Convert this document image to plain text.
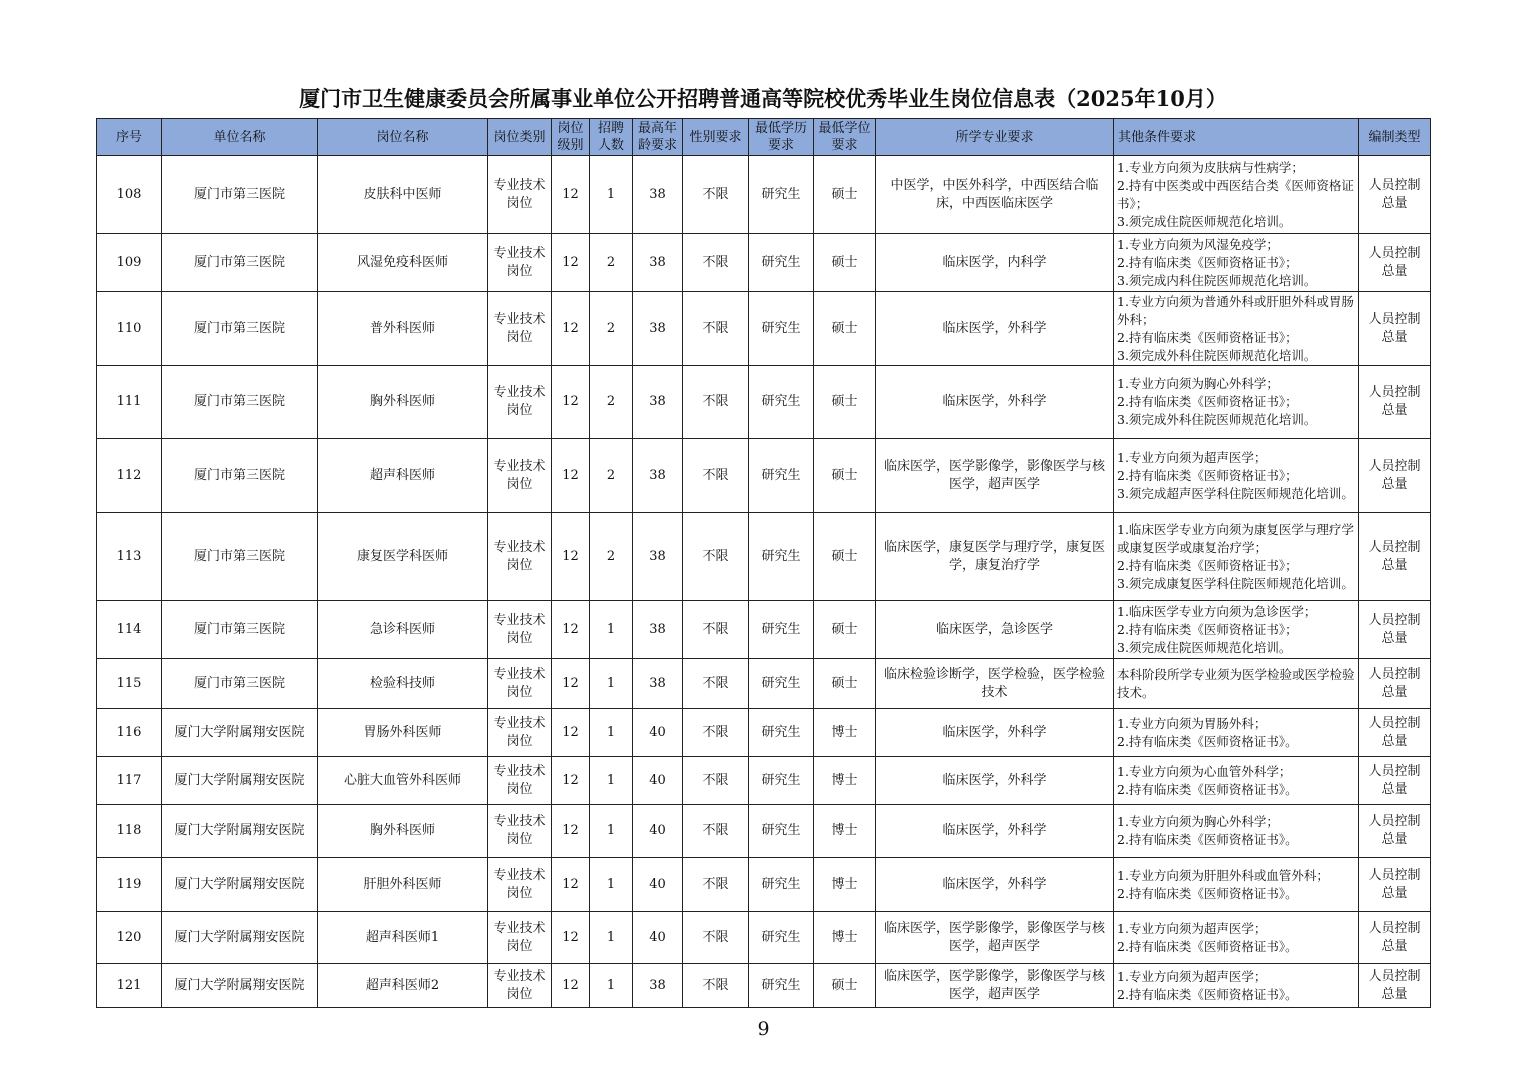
厦门市卫生健康委员会所属事业单位公开招聘普通高等院校优秀毕业生岗位信息表（2025年10月）
序号	单位名称	岗位名称	岗位类别	岗位
级别	招聘
人数	最高年
龄要求	性别要求	最低学历
要求	最低学位
要求	所学专业要求	其他条件要求	编制类型
108	厦门市第三医院	皮肤科中医师	专业技术
岗位	12	1	38	不限	研究生	硕士	中医学，中医外科学，中西医结合临床，中西医临床医学	1.专业方向须为皮肤病与性病学；
2.持有中医类或中西医结合类《医师资格证书》；
3.须完成住院医师规范化培训。	人员控制
总量
109	厦门市第三医院	风湿免疫科医师	专业技术
岗位	12	2	38	不限	研究生	硕士	临床医学，内科学	1.专业方向须为风湿免疫学；
2.持有临床类《医师资格证书》；
3.须完成内科住院医师规范化培训。	人员控制
总量
110	厦门市第三医院	普外科医师	专业技术
岗位	12	2	38	不限	研究生	硕士	临床医学，外科学	1.专业方向须为普通外科或肝胆外科或胃肠外科；
2.持有临床类《医师资格证书》；
3.须完成外科住院医师规范化培训。	人员控制
总量
111	厦门市第三医院	胸外科医师	专业技术
岗位	12	2	38	不限	研究生	硕士	临床医学，外科学	1.专业方向须为胸心外科学；
2.持有临床类《医师资格证书》；
3.须完成外科住院医师规范化培训。	人员控制
总量
112	厦门市第三医院	超声科医师	专业技术
岗位	12	2	38	不限	研究生	硕士	临床医学，医学影像学，影像医学与核医学，超声医学	1.专业方向须为超声医学；
2.持有临床类《医师资格证书》；
3.须完成超声医学科住院医师规范化培训。	人员控制
总量
113	厦门市第三医院	康复医学科医师	专业技术
岗位	12	2	38	不限	研究生	硕士	临床医学，康复医学与理疗学，康复医学，康复治疗学	1.临床医学专业方向须为康复医学与理疗学或康复医学或康复治疗学；
2.持有临床类《医师资格证书》；
3.须完成康复医学科住院医师规范化培训。	人员控制
总量
114	厦门市第三医院	急诊科医师	专业技术
岗位	12	1	38	不限	研究生	硕士	临床医学，急诊医学	1.临床医学专业方向须为急诊医学；
2.持有临床类《医师资格证书》；
3.须完成住院医师规范化培训。	人员控制
总量
115	厦门市第三医院	检验科技师	专业技术
岗位	12	1	38	不限	研究生	硕士	临床检验诊断学，医学检验，医学检验技术	本科阶段所学专业须为医学检验或医学检验技术。	人员控制
总量
116	厦门大学附属翔安医院	胃肠外科医师	专业技术
岗位	12	1	40	不限	研究生	博士	临床医学，外科学	1.专业方向须为胃肠外科；
2.持有临床类《医师资格证书》。	人员控制
总量
117	厦门大学附属翔安医院	心脏大血管外科医师	专业技术
岗位	12	1	40	不限	研究生	博士	临床医学，外科学	1.专业方向须为心血管外科学；
2.持有临床类《医师资格证书》。	人员控制
总量
118	厦门大学附属翔安医院	胸外科医师	专业技术
岗位	12	1	40	不限	研究生	博士	临床医学，外科学	1.专业方向须为胸心外科学；
2.持有临床类《医师资格证书》。	人员控制
总量
119	厦门大学附属翔安医院	肝胆外科医师	专业技术
岗位	12	1	40	不限	研究生	博士	临床医学，外科学	1.专业方向须为肝胆外科或血管外科；
2.持有临床类《医师资格证书》。	人员控制
总量
120	厦门大学附属翔安医院	超声科医师1	专业技术
岗位	12	1	40	不限	研究生	博士	临床医学，医学影像学，影像医学与核医学，超声医学	1.专业方向须为超声医学；
2.持有临床类《医师资格证书》。	人员控制
总量
121	厦门大学附属翔安医院	超声科医师2	专业技术
岗位	12	1	38	不限	研究生	硕士	临床医学，医学影像学，影像医学与核医学，超声医学	1.专业方向须为超声医学；
2.持有临床类《医师资格证书》。	人员控制
总量
9
